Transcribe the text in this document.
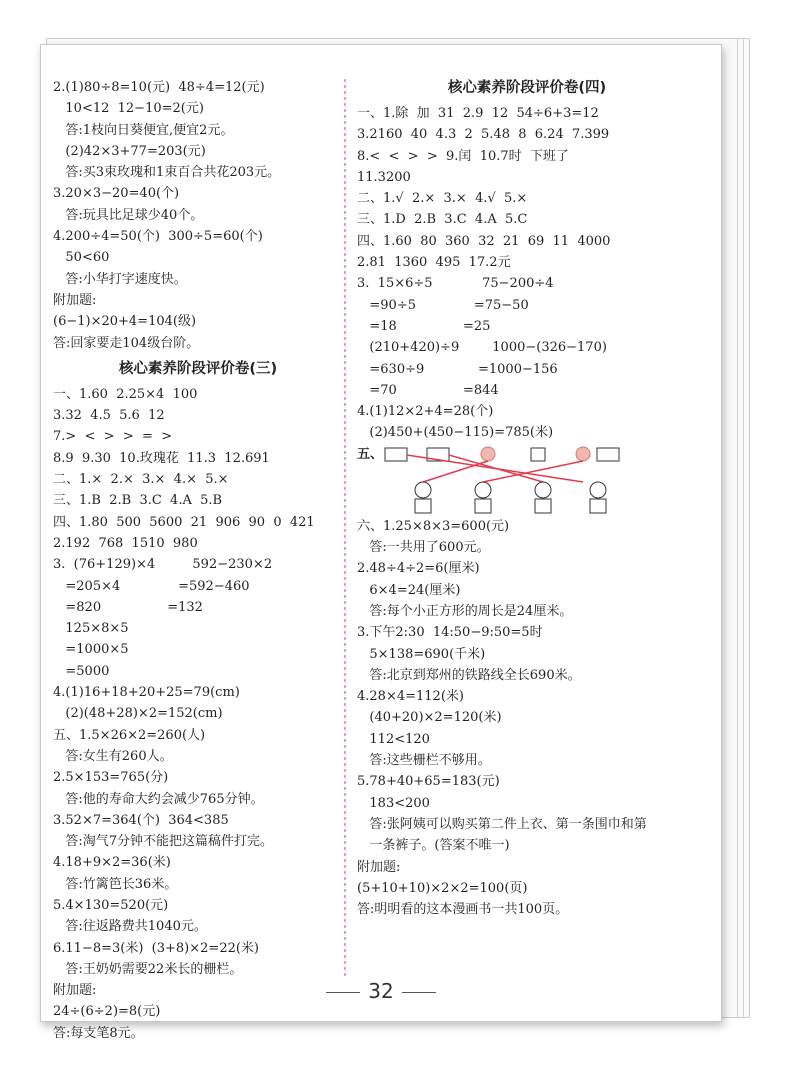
2.(1)80÷8=10(元)  48÷4=12(元)
10<12  12−10=2(元)
答:1枝向日葵便宜,便宜2元。
(2)42×3+77=203(元)
答:买3束玫瑰和1束百合共花203元。
3.20×3−20=40(个)
答:玩具比足球少40个。
4.200÷4=50(个)  300÷5=60(个)
50<60
答:小华打字速度快。
附加题:
(6−1)×20+4=104(级)
答:回家要走104级台阶。
核心素养阶段评价卷(三)
一、1.60  2.25×4  100
3.32  4.5  5.6  12
7.>  <  >  >  =  >
8.9  9.30  10.玫瑰花  11.3  12.691
二、1.×  2.×  3.×  4.×  5.×
三、1.B  2.B  3.C  4.A  5.B
四、1.80  500  5600  21  906  90  0  421
2.192  768  1510  980
3.  (76+129)×4         592−230×2
=205×4              =592−460
=820                =132
125×8×5
=1000×5
=5000
4.(1)16+18+20+25=79(cm)
(2)(48+28)×2=152(cm)
五、1.5×26×2=260(人)
答:女生有260人。
2.5×153=765(分)
答:他的寿命大约会减少765分钟。
3.52×7=364(个)  364<385
答:淘气7分钟不能把这篇稿件打完。
4.18+9×2=36(米)
答:竹篱笆长36米。
5.4×130=520(元)
答:往返路费共1040元。
6.11−8=3(米)  (3+8)×2=22(米)
答:王奶奶需要22米长的栅栏。
附加题:
24÷(6÷2)=8(元)
答:每支笔8元。
核心素养阶段评价卷(四)
一、1.除  加  31  2.9  12  54÷6+3=12
3.2160  40  4.3  2  5.48  8  6.24  7.399
8.<  <  >  >  9.闰  10.7时  下班了
11.3200
二、1.√  2.×  3.×  4.√  5.×
三、1.D  2.B  3.C  4.A  5.C
四、1.60  80  360  32  21  69  11  4000
2.81  1360  495  17.2元
3.  15×6÷5            75−200÷4
=90÷5              =75−50
=18                =25
(210+420)÷9        1000−(326−170)
=630÷9             =1000−156
=70                =844
4.(1)12×2+4=28(个)
(2)450+(450−115)=785(米)
五、
六、1.25×8×3=600(元)
答:一共用了600元。
2.48÷4÷2=6(厘米)
6×4=24(厘米)
答:每个小正方形的周长是24厘米。
3.下午2:30  14:50−9:50=5时
5×138=690(千米)
答:北京到郑州的铁路线全长690米。
4.28×4=112(米)
(40+20)×2=120(米)
112<120
答:这些栅栏不够用。
5.78+40+65=183(元)
183<200
答:张阿姨可以购买第二件上衣、第一条围巾和第
一条裤子。(答案不唯一)
附加题:
(5+10+10)×2×2=100(页)
答:明明看的这本漫画书一共100页。
32
